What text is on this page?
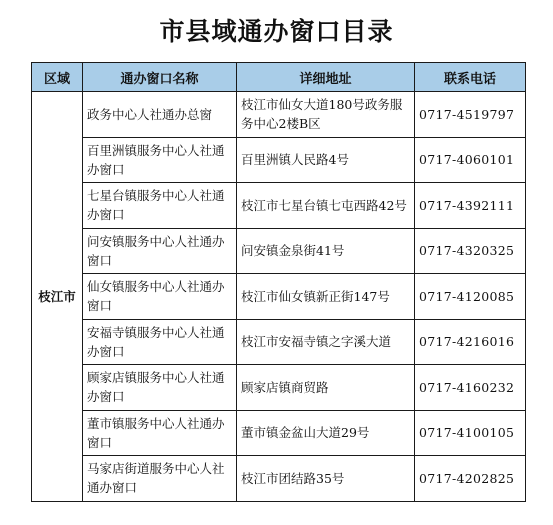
市县域通办窗口目录
区域	通办窗口名称	详细地址	联系电话
枝江市	政务中心人社通办总窗	枝江市仙女大道180号政务服务中心2楼B区	0717-4519797
	百里洲镇服务中心人社通办窗口	百里洲镇人民路4号	0717-4060101
	七星台镇服务中心人社通办窗口	枝江市七星台镇七屯西路42号	0717-4392111
	问安镇服务中心人社通办窗口	问安镇金泉街41号	0717-4320325
	仙女镇服务中心人社通办窗口	枝江市仙女镇新正街147号	0717-4120085
	安福寺镇服务中心人社通办窗口	枝江市安福寺镇之字溪大道	0717-4216016
	顾家店镇服务中心人社通办窗口	顾家店镇商贸路	0717-4160232
	董市镇服务中心人社通办窗口	董市镇金盆山大道29号	0717-4100105
	马家店街道服务中心人社通办窗口	枝江市团结路35号	0717-4202825
